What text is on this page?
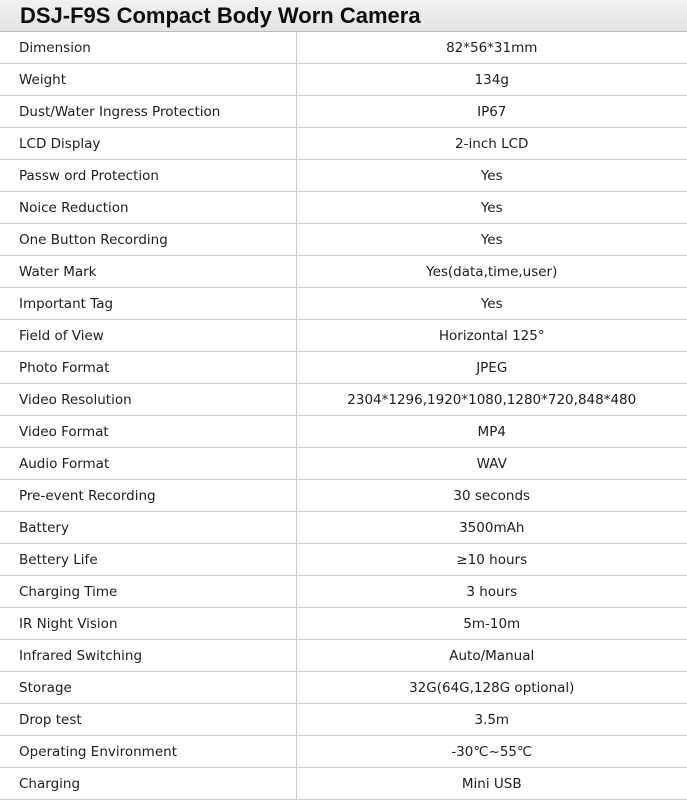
DSJ-F9S Compact Body Worn Camera
Dimension	82*56*31mm
Weight	134g
Dust/Water Ingress Protection	IP67
LCD Display	2-inch LCD
Passw ord Protection	Yes
Noice Reduction	Yes
One Button Recording	Yes
Water Mark	Yes(data,time,user)
Important Tag	Yes
Field of View	Horizontal 125°
Photo Format	JPEG
Video Resolution	2304*1296,1920*1080,1280*720,848*480
Video Format	MP4
Audio Format	WAV
Pre-event Recording	30 seconds
Battery	3500mAh
Bettery Life	≥10 hours
Charging Time	3 hours
IR Night Vision	5m-10m
Infrared Switching	Auto/Manual
Storage	32G(64G,128G optional)
Drop test	3.5m
Operating Environment	-30℃~55℃
Charging	Mini USB
